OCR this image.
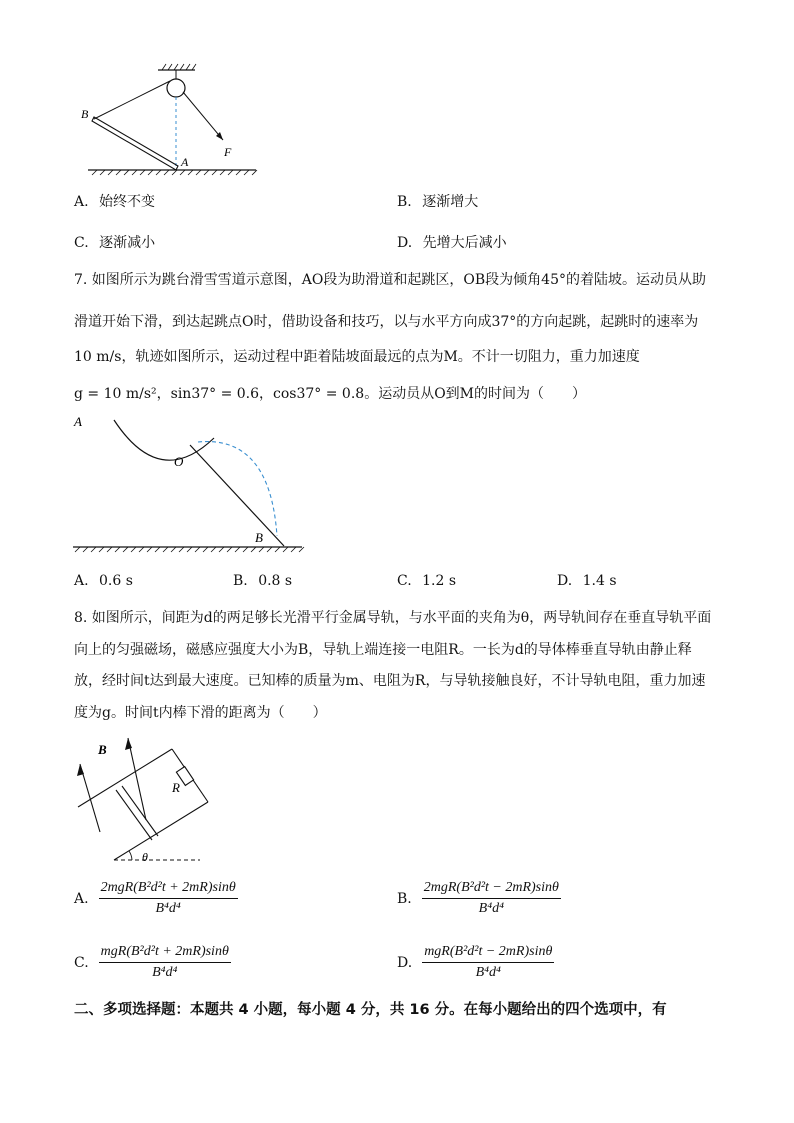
B
A
F
A. 始终不变	B. 逐渐增大
C. 逐渐减小	D. 先增大后减小
7. 如图所示为跳台滑雪雪道示意图，AO段为助滑道和起跳区，OB段为倾角45°的着陆坡。运动员从助
滑道开始下滑，到达起跳点O时，借助设备和技巧，以与水平方向成37°的方向起跳，起跳时的速率为
10 m/s，轨迹如图所示，运动过程中距着陆坡面最远的点为M。不计一切阻力，重力加速度
g = 10 m/s²，sin37° = 0.6，cos37° = 0.8。运动员从O到M的时间为（　　）
A
O
B
A. 0.6 s	B. 0.8 s	C. 1.2 s	D. 1.4 s
8. 如图所示，间距为d的两足够长光滑平行金属导轨，与水平面的夹角为θ，两导轨间存在垂直导轨平面
向上的匀强磁场，磁感应强度大小为B，导轨上端连接一电阻R。一长为d的导体棒垂直导轨由静止释
放，经时间t达到最大速度。已知棒的质量为m、电阻为R，与导轨接触良好，不计导轨电阻，重力加速
度为g。时间t内棒下滑的距离为（　　）
B
R
θ
A. $\frac{\text{2mgR(B²d²t + 2mR)sinθ}}{\text{B⁴d⁴}}$	B. $\frac{\text{2mgR(B²d²t − 2mR)sinθ}}{\text{B⁴d⁴}}$
C. $\frac{\text{mgR(B²d²t + 2mR)sinθ}}{\text{B⁴d⁴}}$	D. $\frac{\text{mgR(B²d²t − 2mR)sinθ}}{\text{B⁴d⁴}}$
二、多项选择题：本题共 4 小题，每小题 4 分，共 16 分。在每小题给出的四个选项中，有
